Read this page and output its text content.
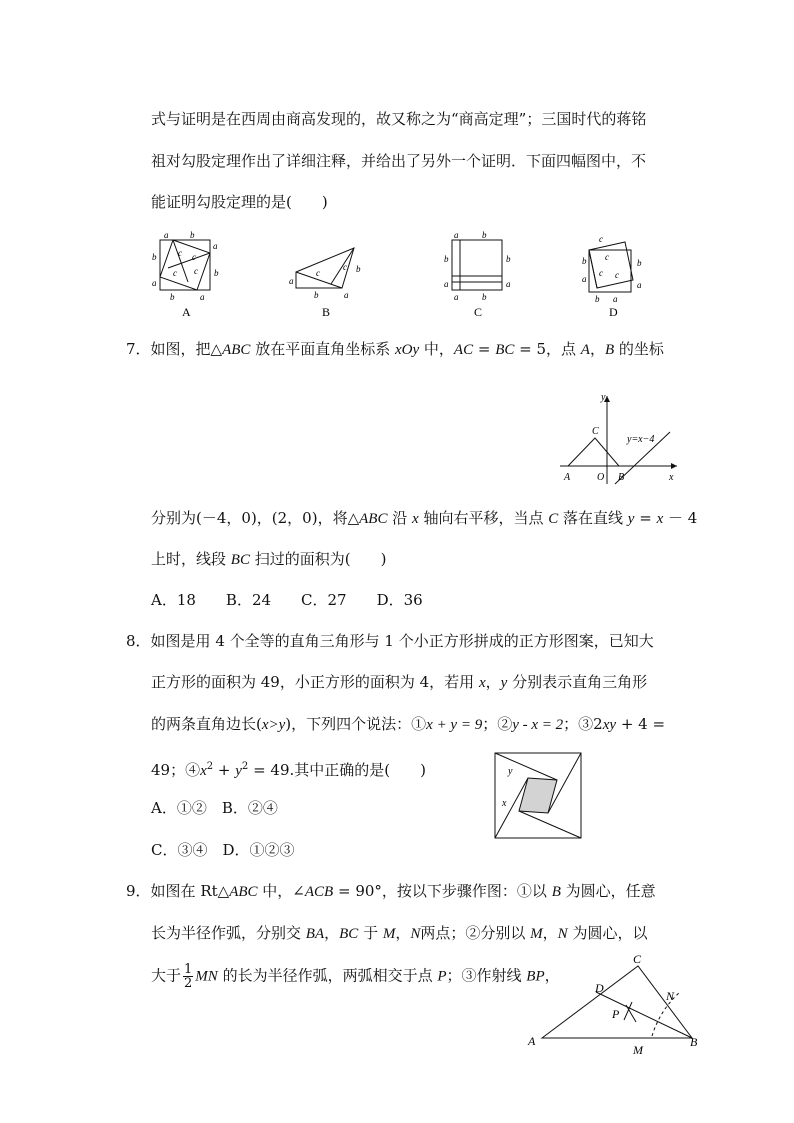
式与证明是在西周由商高发现的，故又称之为“商高定理”；三国时代的蒋铭
祖对勾股定理作出了详细注释，并给出了另外一个证明．下面四幅图中，不
能证明勾股定理的是(　　)
a b
a
b
b
a
b	a
c c
c c
A
a
b	a
b
c
c
B
a	b
b
a
b
a
a	b
C
c
b
a
b
a
c
c
c
b a
D
7．如图，把△ABC 放在平面直角坐标系 xOy 中，AC = BC = 5，点 A，B 的坐标
y
x
C
A	O B
y=x−4
分别为(－4，0)，(2，0)，将△ABC 沿 x 轴向右平移，当点 C 落在直线 y = x － 4
上时，线段 BC 扫过的面积为(　　)
A．18　　B．24　　C．27　　D．36
8．如图是用 4 个全等的直角三角形与 1 个小正方形拼成的正方形图案，已知大
正方形的面积为 49，小正方形的面积为 4，若用 x，y 分别表示直角三角形
的两条直角边长(x>y)，下列四个说法：①x + y = 9；②y - x = 2；③2xy + 4 =
49；$④x^2 + y^2 = 49$.其中正确的是(　　)	y
x
A．①②　B．②④
C．③④　D．①②③
9．如图在 Rt△ABC 中，∠ACB = 90°，按以下步骤作图：①以 B 为圆心，任意
长为半径作弧，分别交 BA，BC 于 M，N两点；②分别以 M，N 为圆心，以
大于 $\frac{1}{2}$ MN 的长为半径作弧，两弧相交于点 P；③作射线 BP，
C
D
N
P
A
M
B
